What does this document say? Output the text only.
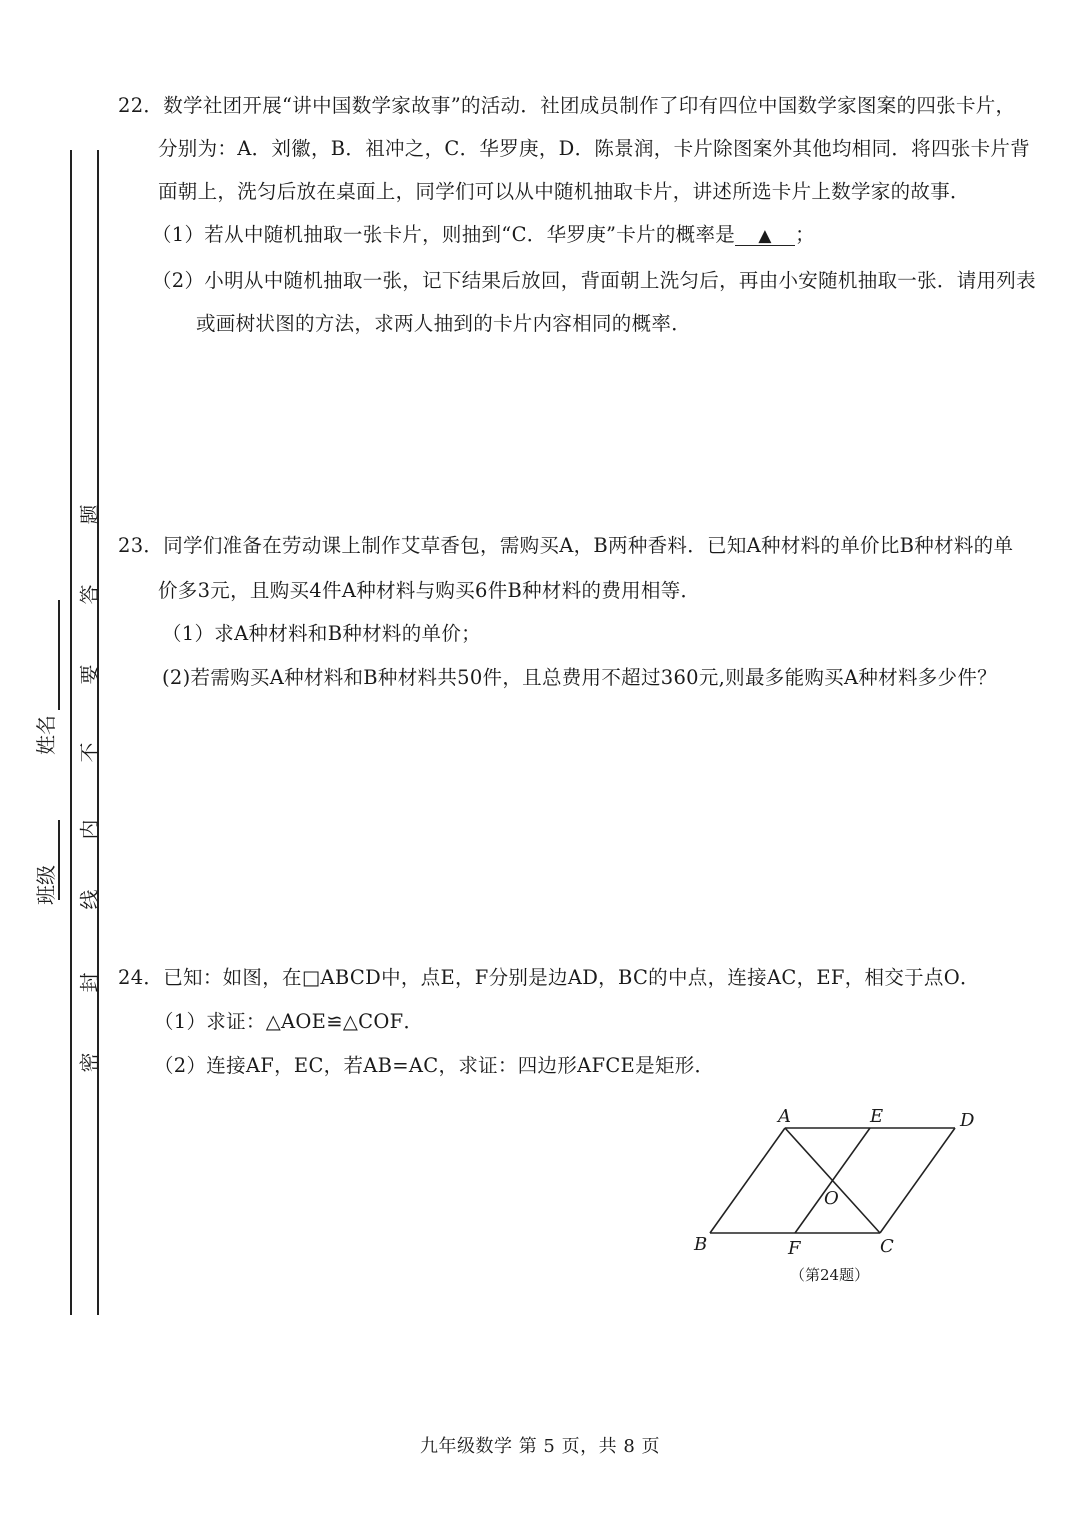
班级
姓名
密
封
线
内
不
要
答
题
22．数学社团开展“讲中国数学家故事”的活动．社团成员制作了印有四位中国数学家图案的四张卡片，
分别为：A．刘徽，B．祖冲之，C．华罗庚，D．陈景润，卡片除图案外其他均相同．将四张卡片背
面朝上，洗匀后放在桌面上，同学们可以从中随机抽取卡片，讲述所选卡片上数学家的故事．
（1）若从中随机抽取一张卡片，则抽到“C．华罗庚”卡片的概率是 ▲ ；
（2）小明从中随机抽取一张，记下结果后放回，背面朝上洗匀后，再由小安随机抽取一张．请用列表
或画树状图的方法，求两人抽到的卡片内容相同的概率．
23．同学们准备在劳动课上制作艾草香包，需购买A，B两种香料．已知A种材料的单价比B种材料的单
价多3元，且购买4件A种材料与购买6件B种材料的费用相等．
（1）求A种材料和B种材料的单价；
(2)若需购买A种材料和B种材料共50件，且总费用不超过360元,则最多能购买A种材料多少件？
24．已知：如图，在□ABCD中，点E，F分别是边AD，BC的中点，连接AC，EF，相交于点O．
（1）求证：△AOE≌△COF．
（2）连接AF，EC，若AB=AC，求证：四边形AFCE是矩形．
A	E	D
O
B	F	C
（第24题）
九年级数学 第 5 页，共 8 页
